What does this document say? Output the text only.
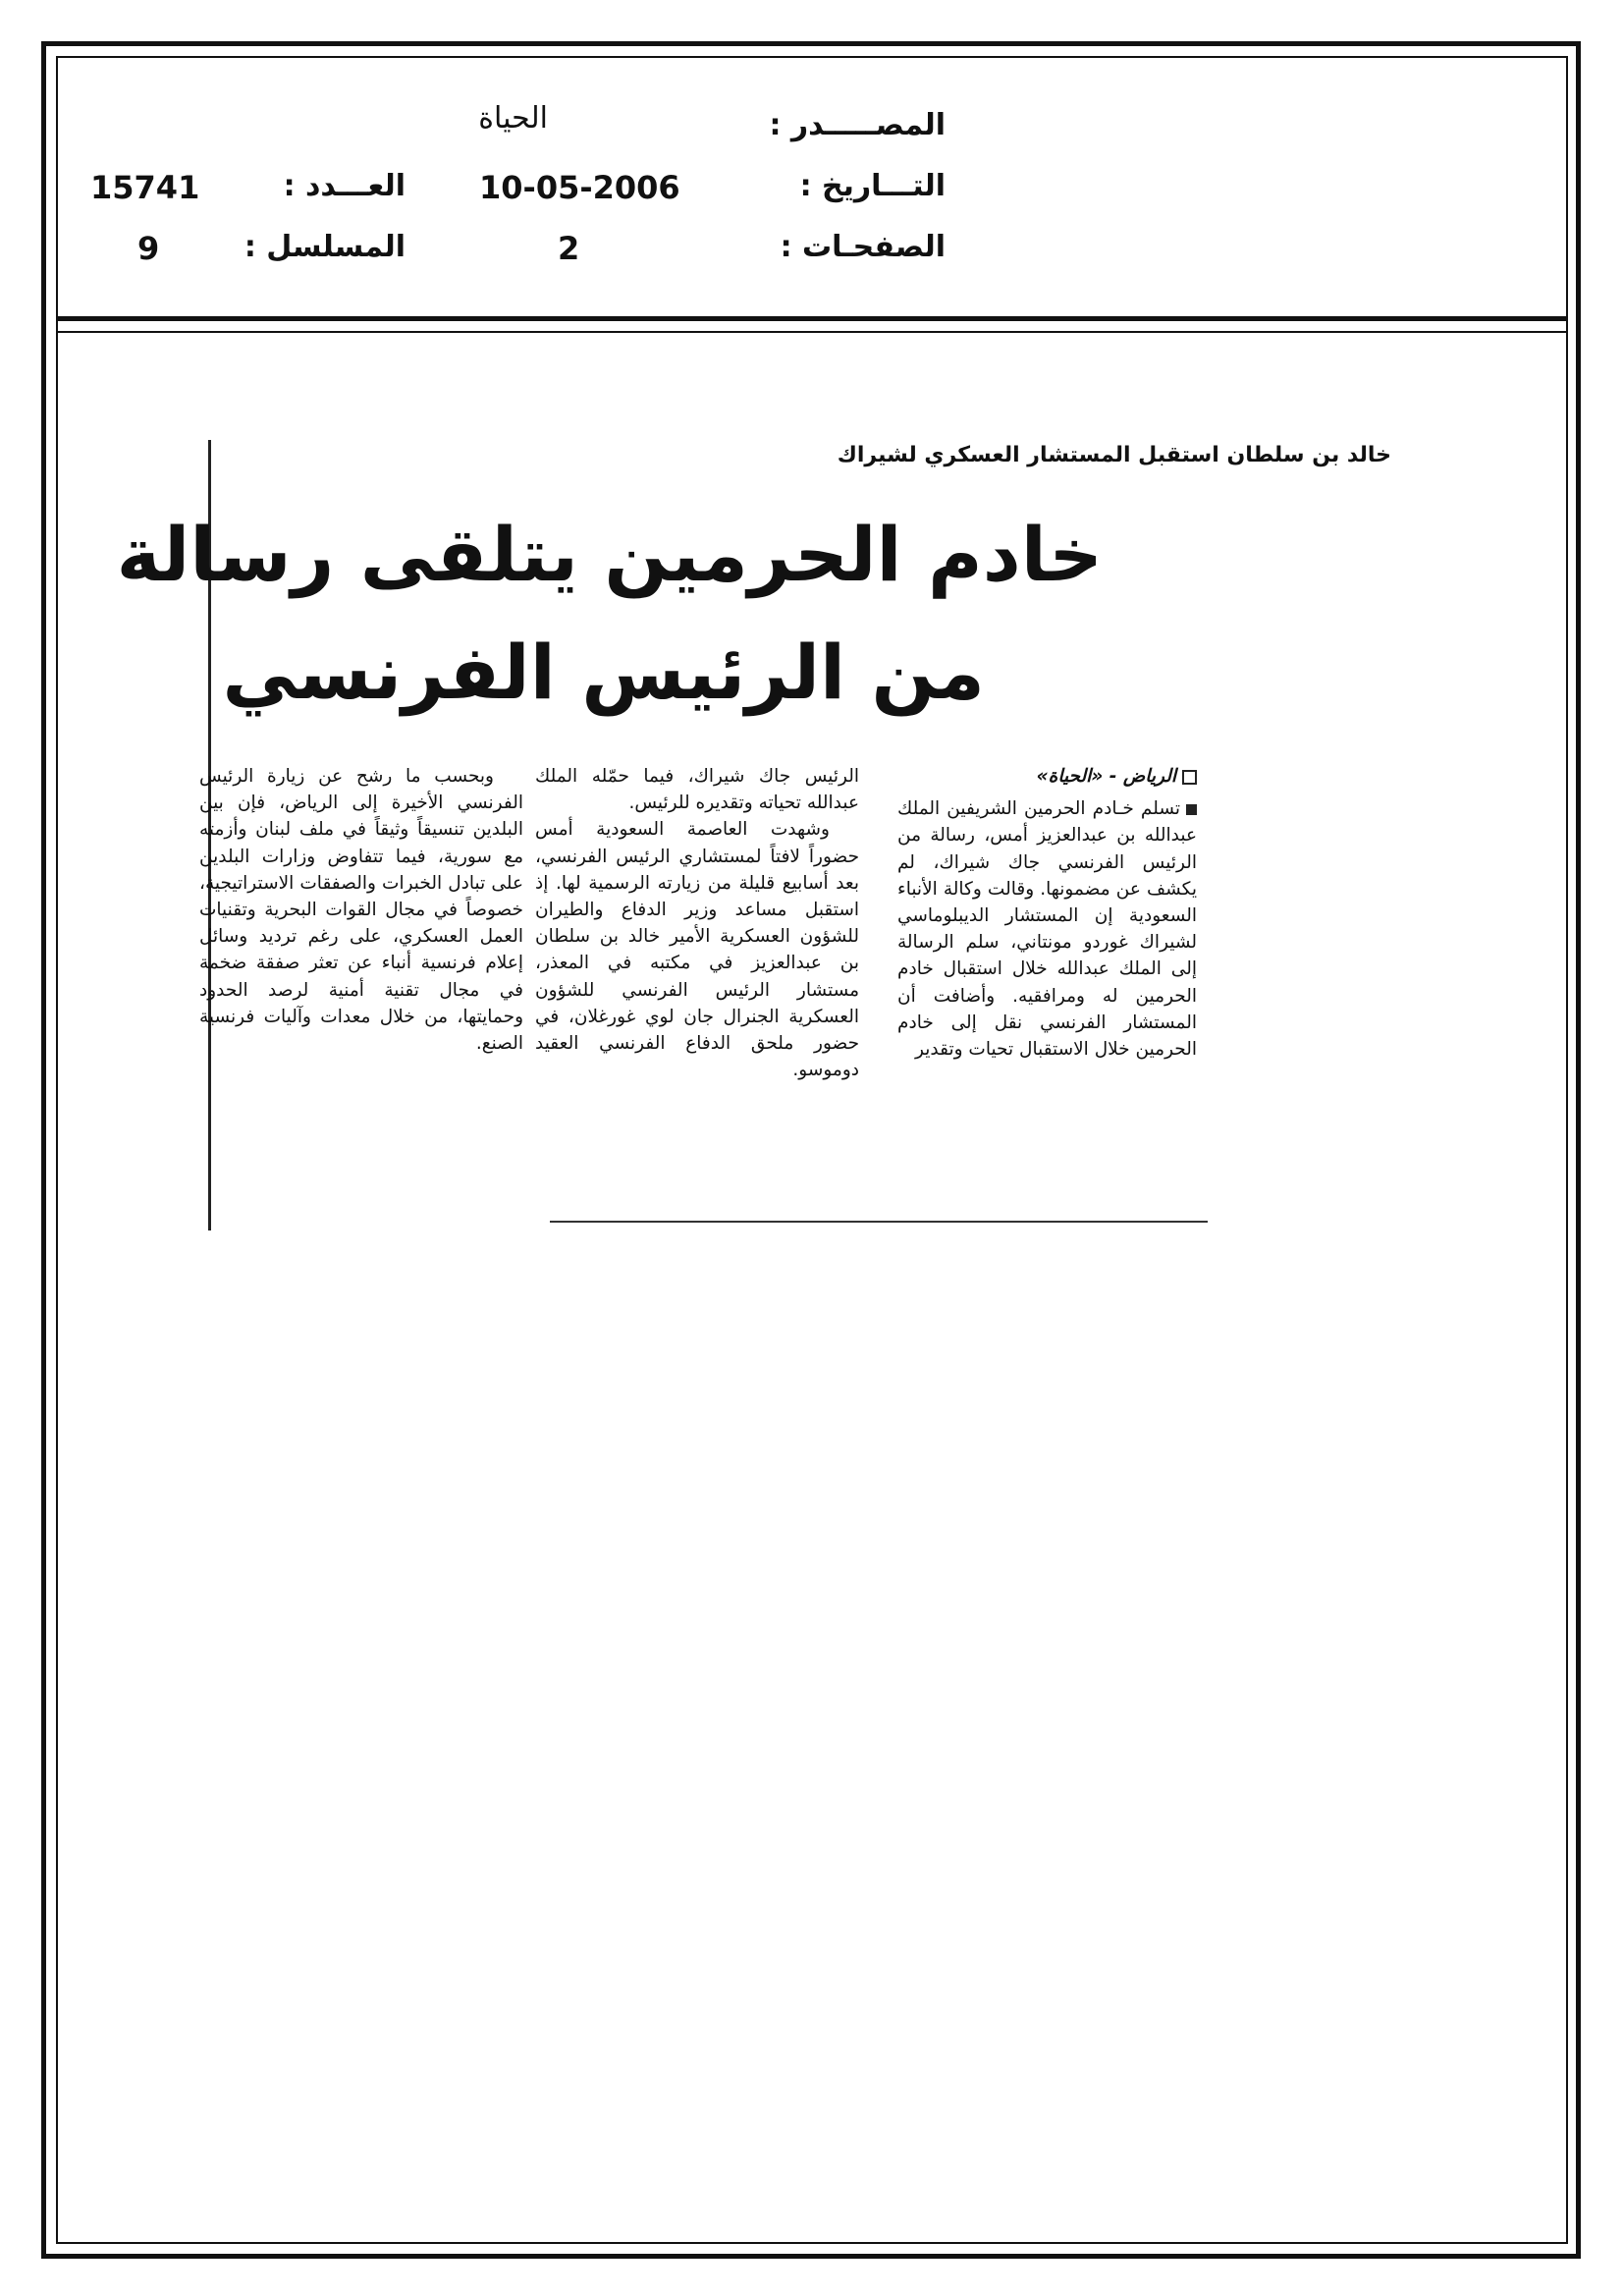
المصـــــدر :
الحياة
التـــاريخ :
10-05-2006
الصفحـات :
2
العـــدد :
15741
المسلسل :
9
خالد بن سلطان استقبل المستشار العسكري لشيراك
خادم الحرمين يتلقى رسالة
من الرئيس الفرنسي
الرياض - «الحياة»

تسلم خـادم الحرمين الشريفين الملك عبدالله بن عبدالعزيز أمس، رسالة من الرئيس الفرنسي جاك شيراك، لم يكشف عن مضمونها. وقالت وكالة الأنباء السعودية إن المستشار الديبلوماسي لشيراك غوردو مونتاني، سلم الرسالة إلى الملك عبدالله خلال استقبال خادم الحرمين له ومرافقيه. وأضافت أن المستشار الفرنسي نقل إلى خادم الحرمين خلال الاستقبال تحيات وتقدير

الرئيس جاك شيراك، فيما حمّله الملك عبدالله تحياته وتقديره للرئيس.

وشهدت العاصمة السعودية أمس حضوراً لافتاً لمستشاري الرئيس الفرنسي، بعد أسابيع قليلة من زيارته الرسمية لها. إذ استقبل مساعد وزير الدفاع والطيران للشؤون العسكرية الأمير خالد بن سلطان بن عبدالعزيز في مكتبه في المعذر، مستشار الرئيس الفرنسي للشؤون العسكرية الجنرال جان لوي غورغلان، في حضور ملحق الدفاع الفرنسي العقيد دوموسو.

وبحسب ما رشح عن زيارة الرئيس الفرنسي الأخيرة إلى الرياض، فإن بين البلدين تنسيقاً وثيقاً في ملف لبنان وأزمته مع سورية، فيما تتفاوض وزارات البلدين على تبادل الخبرات والصفقات الاستراتيجية، خصوصاً في مجال القوات البحرية وتقنيات العمل العسكري، على رغم ترديد وسائل إعلام فرنسية أنباء عن تعثر صفقة ضخمة في مجال تقنية أمنية لرصد الحدود وحمايتها، من خلال معدات وآليات فرنسية الصنع.
